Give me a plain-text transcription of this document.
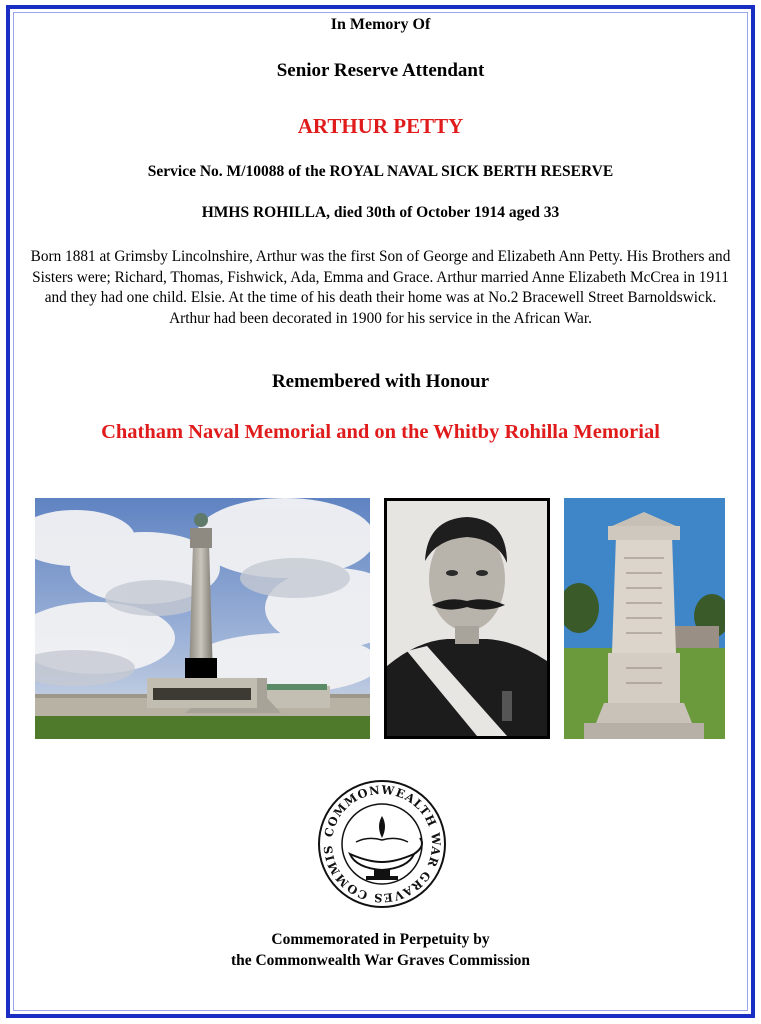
In Memory Of
Senior Reserve Attendant
ARTHUR PETTY
Service No. M/10088 of the ROYAL NAVAL SICK BERTH RESERVE
HMHS ROHILLA, died 30th of October 1914 aged 33
Born 1881 at Grimsby Lincolnshire, Arthur was the first Son of George and Elizabeth Ann Petty. His Brothers and Sisters were; Richard, Thomas, Fishwick, Ada, Emma and Grace. Arthur married Anne Elizabeth McCrea in 1911 and they had one child. Elsie. At the time of his death their home was at No.2 Bracewell Street Barnoldswick. Arthur had been decorated in 1900 for his service in the African War.
Remembered with Honour
Chatham Naval Memorial and on the Whitby Rohilla Memorial
COMMONWEALTH WAR GRAVES COMMIS
Commemorated in Perpetuity by
the Commonwealth War Graves Commission
